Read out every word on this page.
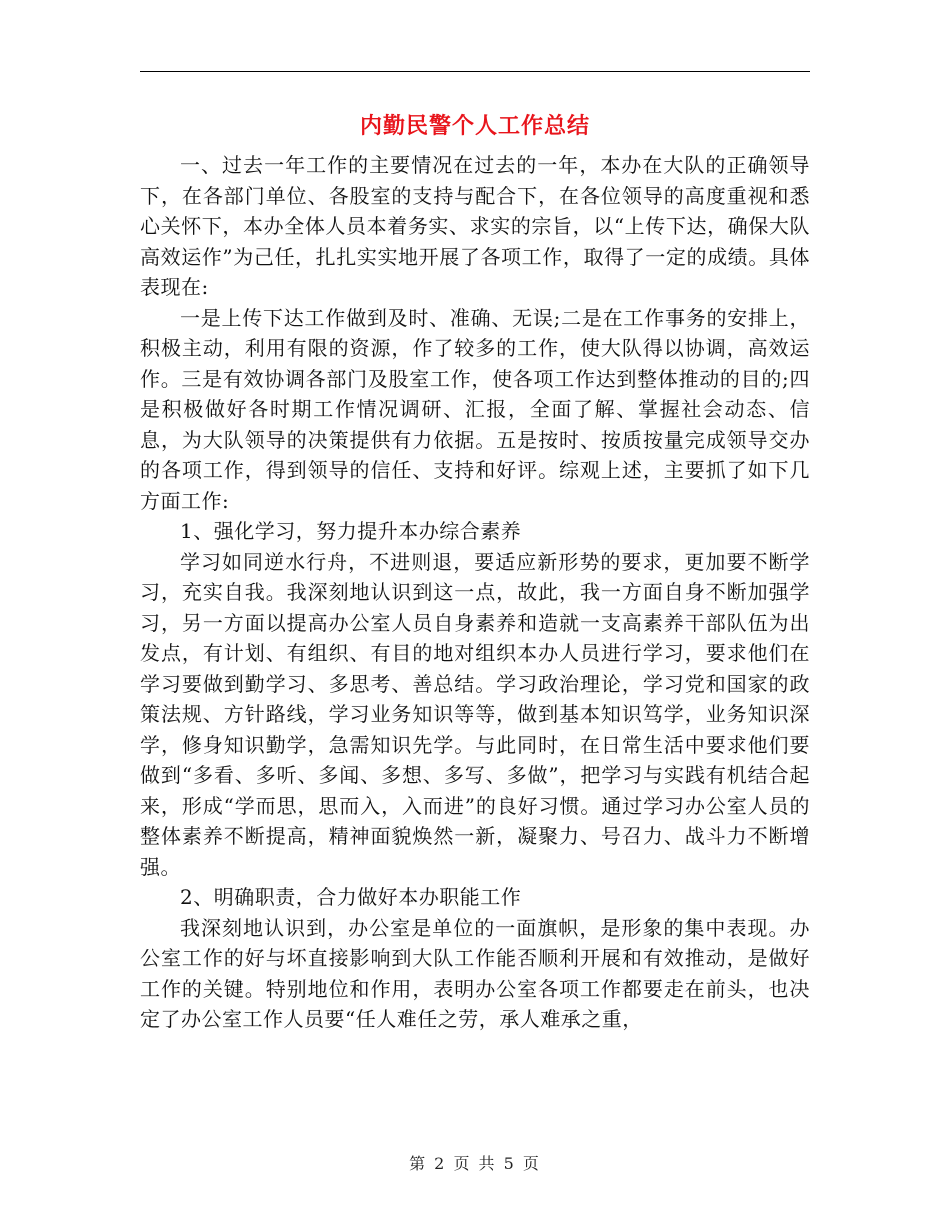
内勤民警个人工作总结

一、过去一年工作的主要情况在过去的一年，本办在大队的正确领导下，在各部门单位、各股室的支持与配合下，在各位领导的高度重视和悉心关怀下，本办全体人员本着务实、求实的宗旨，以“上传下达，确保大队高效运作”为己任，扎扎实实地开展了各项工作，取得了一定的成绩。具体表现在:

一是上传下达工作做到及时、准确、无误;二是在工作事务的安排上，积极主动，利用有限的资源，作了较多的工作，使大队得以协调，高效运作。三是有效协调各部门及股室工作，使各项工作达到整体推动的目的;四是积极做好各时期工作情况调研、汇报，全面了解、掌握社会动态、信息，为大队领导的决策提供有力依据。五是按时、按质按量完成领导交办的各项工作，得到领导的信任、支持和好评。综观上述，主要抓了如下几方面工作:

1、强化学习，努力提升本办综合素养

学习如同逆水行舟，不进则退，要适应新形势的要求，更加要不断学习，充实自我。我深刻地认识到这一点，故此，我一方面自身不断加强学习，另一方面以提高办公室人员自身素养和造就一支高素养干部队伍为出发点，有计划、有组织、有目的地对组织本办人员进行学习，要求他们在学习要做到勤学习、多思考、善总结。学习政治理论，学习党和国家的政策法规、方针路线，学习业务知识等等，做到基本知识笃学，业务知识深学，修身知识勤学，急需知识先学。与此同时，在日常生活中要求他们要做到“多看、多听、多闻、多想、多写、多做”，把学习与实践有机结合起来，形成“学而思，思而入，入而进”的良好习惯。通过学习办公室人员的整体素养不断提高，精神面貌焕然一新，凝聚力、号召力、战斗力不断增强。

2、明确职责，合力做好本办职能工作

我深刻地认识到，办公室是单位的一面旗帜，是形象的集中表现。办公室工作的好与坏直接影响到大队工作能否顺利开展和有效推动，是做好工作的关键。特别地位和作用，表明办公室各项工作都要走在前头，也决定了办公室工作人员要“任人难任之劳，承人难承之重，

第 2 页 共 5 页
